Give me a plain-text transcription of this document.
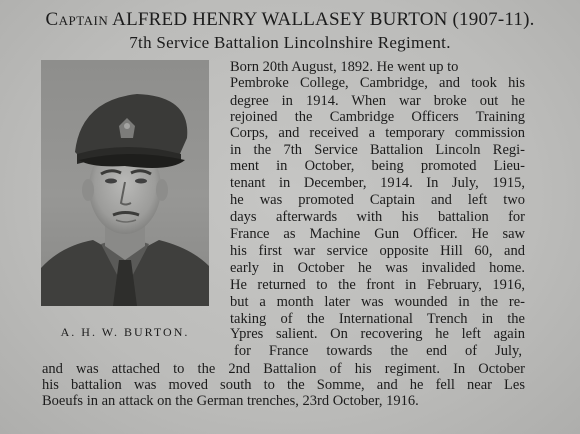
Captain ALFRED HENRY WALLASEY BURTON (1907-11).
7th Service Battalion Lincolnshire Regiment.
A. H. W. BURTON.
Born 20th August, 1892. He went up to
Pembroke College, Cambridge, and took his
degree in 1914. When war broke out he
rejoined the Cambridge Officers Training
Corps, and received a temporary commission
in the 7th Service Battalion Lincoln Regi-
ment in October, being promoted Lieu-
tenant in December, 1914. In July, 1915,
he was promoted Captain and left two
days afterwards with his battalion for
France as Machine Gun Officer. He saw
his first war service opposite Hill 60, and
early in October he was invalided home.
He returned to the front in February, 1916,
but a month later was wounded in the re-
taking of the International Trench in the
Ypres salient. On recovering he left again
for France towards the end of July,
and was attached to the 2nd Battalion of his regiment. In October
his battalion was moved south to the Somme, and he fell near Les
Boeufs in an attack on the German trenches, 23rd October, 1916.
